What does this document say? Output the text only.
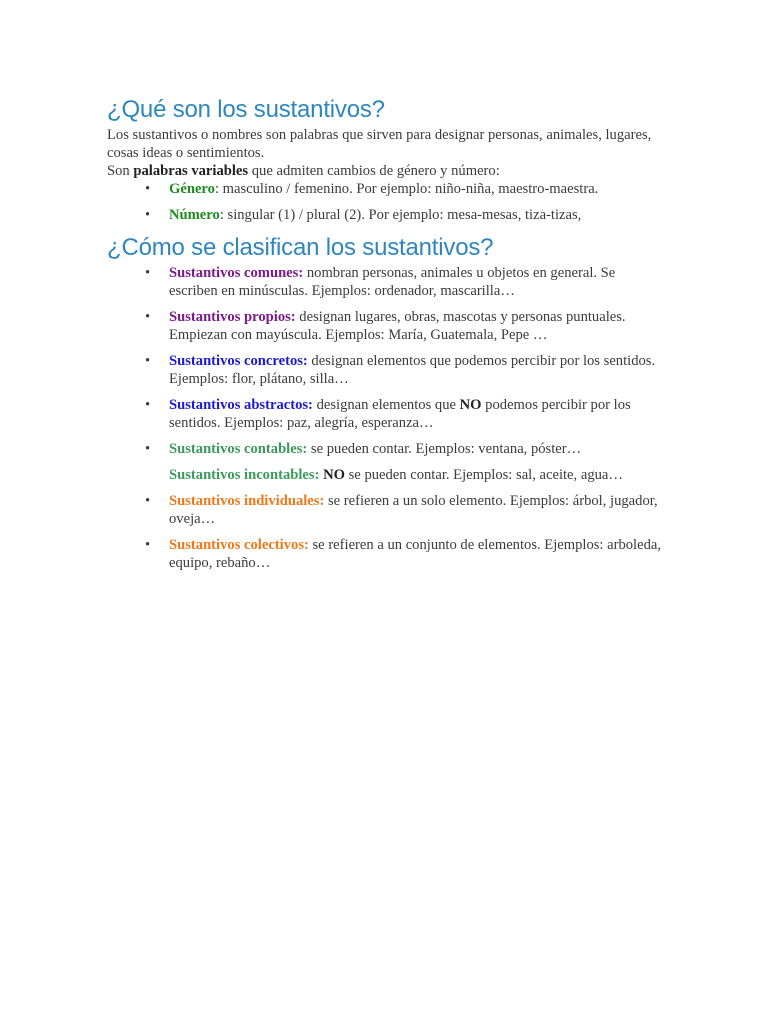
¿Qué son los sustantivos?

Los sustantivos o nombres son palabras que sirven para designar personas, animales, lugares, cosas ideas o sentimientos.

Son palabras variables que admiten cambios de género y número:

• Género: masculino / femenino. Por ejemplo: niño-niña, maestro-maestra.
• Número: singular (1) / plural (2). Por ejemplo: mesa-mesas, tiza-tizas,
¿Cómo se clasifican los sustantivos?
• Sustantivos comunes: nombran personas, animales u objetos en general. Se escriben en minúsculas. Ejemplos: ordenador, mascarilla…
• Sustantivos propios: designan lugares, obras, mascotas y personas puntuales. Empiezan con mayúscula. Ejemplos: María, Guatemala, Pepe …
• Sustantivos concretos: designan elementos que podemos percibir por los sentidos. Ejemplos: flor, plátano, silla…
• Sustantivos abstractos: designan elementos que NO podemos percibir por los sentidos. Ejemplos: paz, alegría, esperanza…
• Sustantivos contables: se pueden contar. Ejemplos: ventana, póster…
Sustantivos incontables: NO se pueden contar. Ejemplos: sal, aceite, agua…
• Sustantivos individuales: se refieren a un solo elemento. Ejemplos: árbol, jugador, oveja…
• Sustantivos colectivos: se refieren a un conjunto de elementos. Ejemplos: arboleda, equipo, rebaño…
